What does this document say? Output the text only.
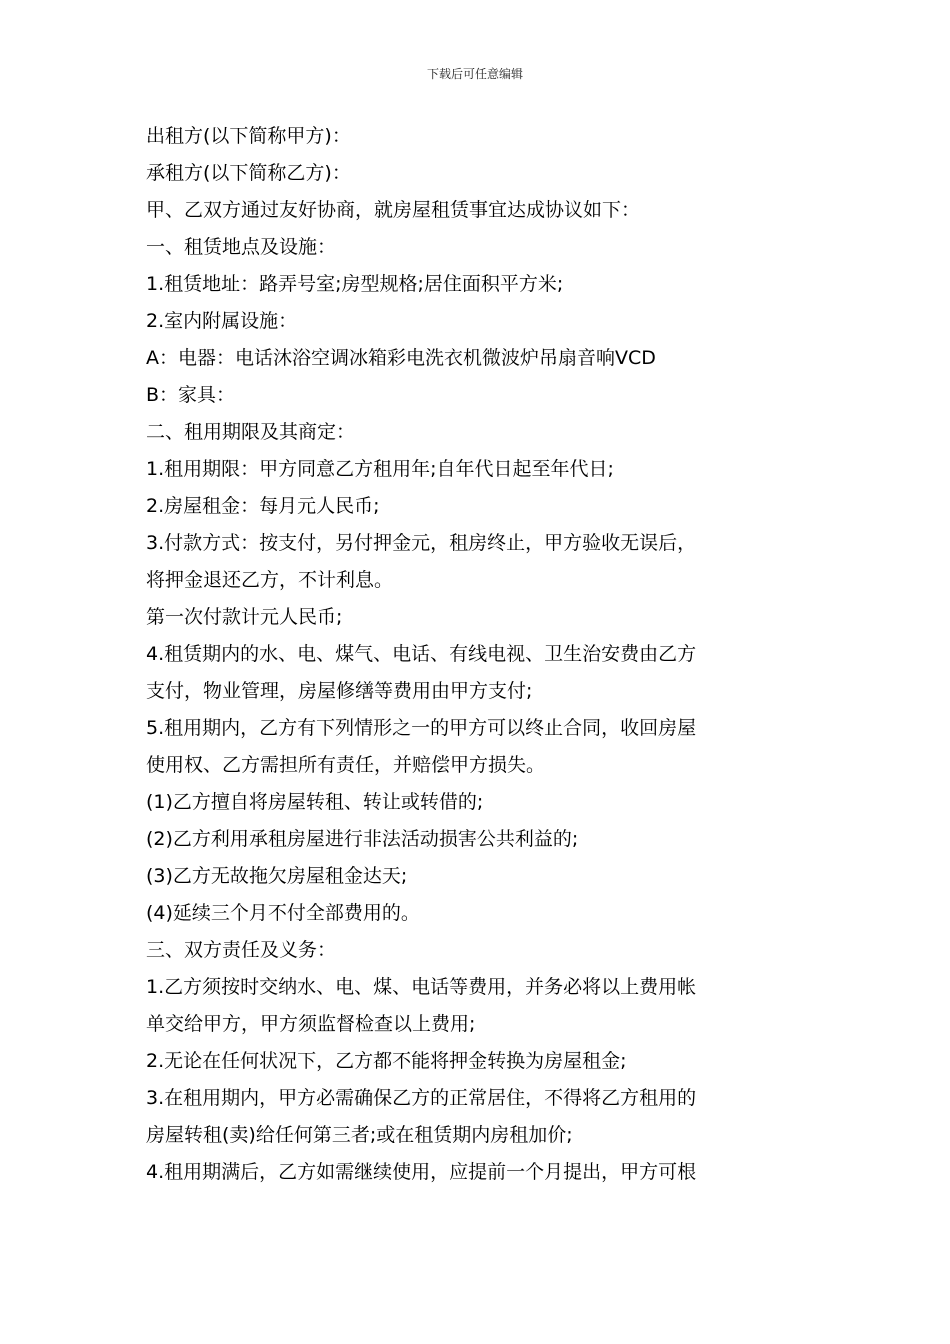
下载后可任意编辑
出租方(以下简称甲方)：
承租方(以下简称乙方)：
甲、乙双方通过友好协商，就房屋租赁事宜达成协议如下：
一、租赁地点及设施：
1.租赁地址：路弄号室;房型规格;居住面积平方米;
2.室内附属设施：
A：电器：电话沐浴空调冰箱彩电洗衣机微波炉吊扇音响VCD
B：家具：
二、租用期限及其商定：
1.租用期限：甲方同意乙方租用年;自年代日起至年代日;
2.房屋租金：每月元人民币;
3.付款方式：按支付，另付押金元，租房终止，甲方验收无误后，
将押金退还乙方，不计利息。
第一次付款计元人民币;
4.租赁期内的水、电、煤气、电话、有线电视、卫生治安费由乙方
支付，物业管理，房屋修缮等费用由甲方支付;
5.租用期内，乙方有下列情形之一的甲方可以终止合同，收回房屋
使用权、乙方需担所有责任，并赔偿甲方损失。
(1)乙方擅自将房屋转租、转让或转借的;
(2)乙方利用承租房屋进行非法活动损害公共利益的;
(3)乙方无故拖欠房屋租金达天;
(4)延续三个月不付全部费用的。
三、双方责任及义务：
1.乙方须按时交纳水、电、煤、电话等费用，并务必将以上费用帐
单交给甲方，甲方须监督检查以上费用;
2.无论在任何状况下，乙方都不能将押金转换为房屋租金;
3.在租用期内，甲方必需确保乙方的正常居住，不得将乙方租用的
房屋转租(卖)给任何第三者;或在租赁期内房租加价;
4.租用期满后，乙方如需继续使用，应提前一个月提出，甲方可根
